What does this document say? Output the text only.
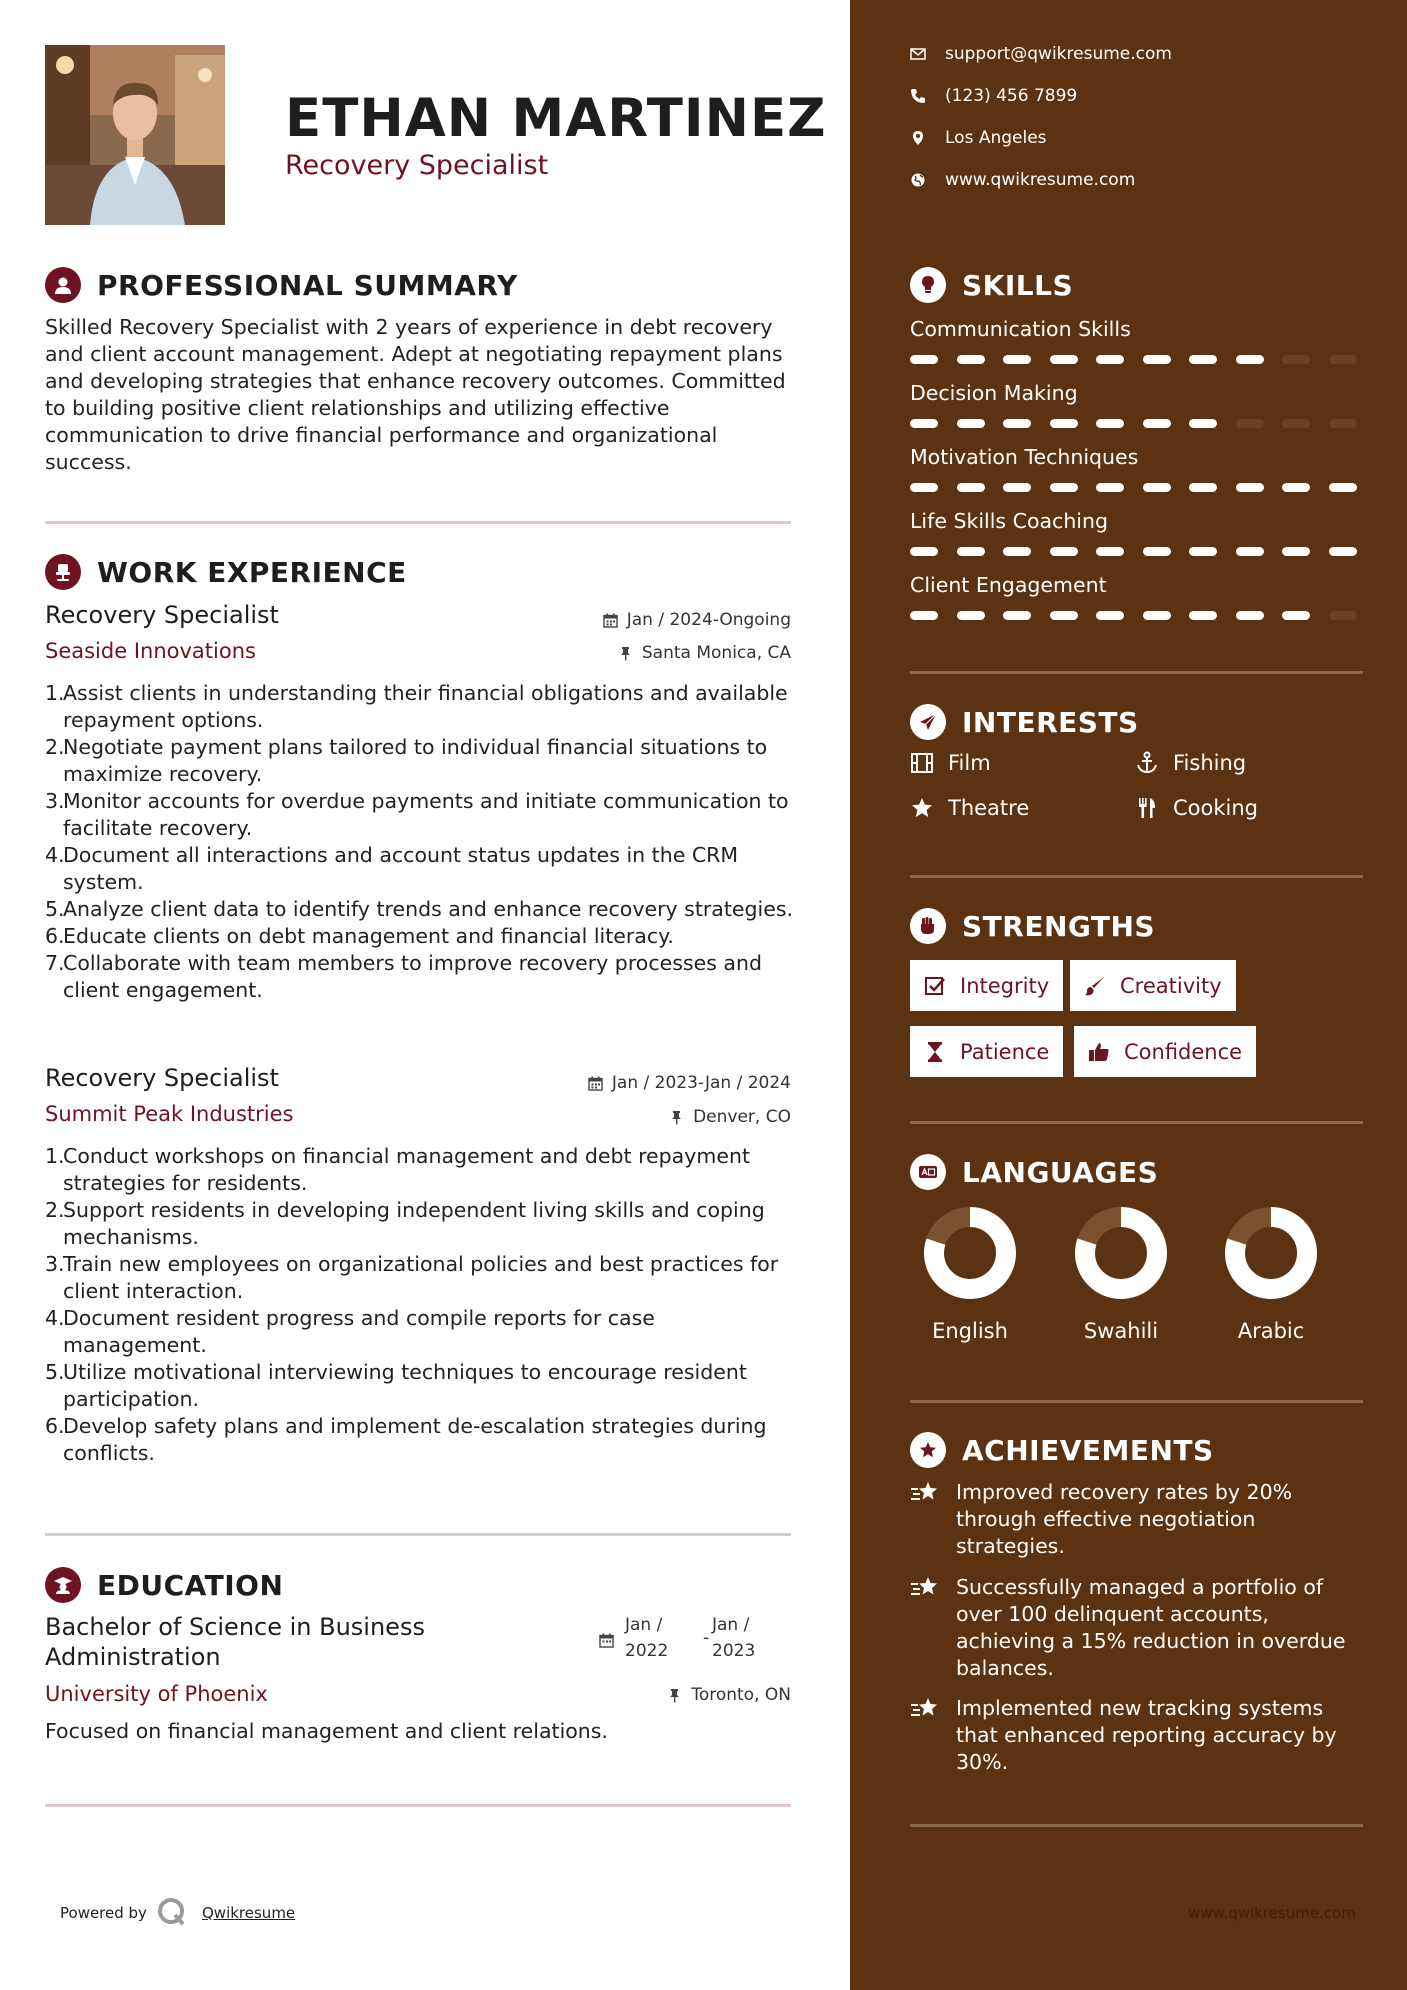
ETHAN MARTINEZ
Recovery Specialist
PROFESSIONAL SUMMARY
Skilled Recovery Specialist with 2 years of experience in debt recovery and client account management. Adept at negotiating repayment plans and developing strategies that enhance recovery outcomes. Committed to building positive client relationships and utilizing effective communication to drive financial performance and organizational success.
WORK EXPERIENCE
Recovery Specialist	Jan / 2024-Ongoing
Seaside Innovations	Santa Monica, CA
1.
Assist clients in understanding their financial obligations and available repayment options.
2.
Negotiate payment plans tailored to individual financial situations to maximize recovery.
3.
Monitor accounts for overdue payments and initiate communication to facilitate recovery.
4.
Document all interactions and account status updates in the CRM system.
5.
Analyze client data to identify trends and enhance recovery strategies.
6.
Educate clients on debt management and financial literacy.
7.
Collaborate with team members to improve recovery processes and client engagement.
Recovery Specialist	Jan / 2023-Jan / 2024
Summit Peak Industries	Denver, CO
1.
Conduct workshops on financial management and debt repayment strategies for residents.
2.
Support residents in developing independent living skills and coping mechanisms.
3.
Train new employees on organizational policies and best practices for client interaction.
4.
Document resident progress and compile reports for case management.
5.
Utilize motivational interviewing techniques to encourage resident participation.
6.
Develop safety plans and implement de-escalation strategies during conflicts.
EDUCATION
Bachelor of Science in Business
Administration
Jan /
2022
-
Jan /
2023
University of Phoenix	Toronto, ON
Focused on financial management and client relations.
Powered by	Qwikresume
support@qwikresume.com
(123) 456 7899
Los Angeles
www.qwikresume.com
SKILLS
Communication Skills
Decision Making
Motivation Techniques
Life Skills Coaching
Client Engagement
INTERESTS
Film	Fishing
Theatre	Cooking
STRENGTHS
Integrity	Creativity
Patience	Confidence
LANGUAGES
English	Swahili	Arabic
ACHIEVEMENTS
Improved recovery rates by 20% through effective negotiation strategies.
Successfully managed a portfolio of over 100 delinquent accounts, achieving a 15% reduction in overdue balances.
Implemented new tracking systems that enhanced reporting accuracy by 30%.
www.qwikresume.com
